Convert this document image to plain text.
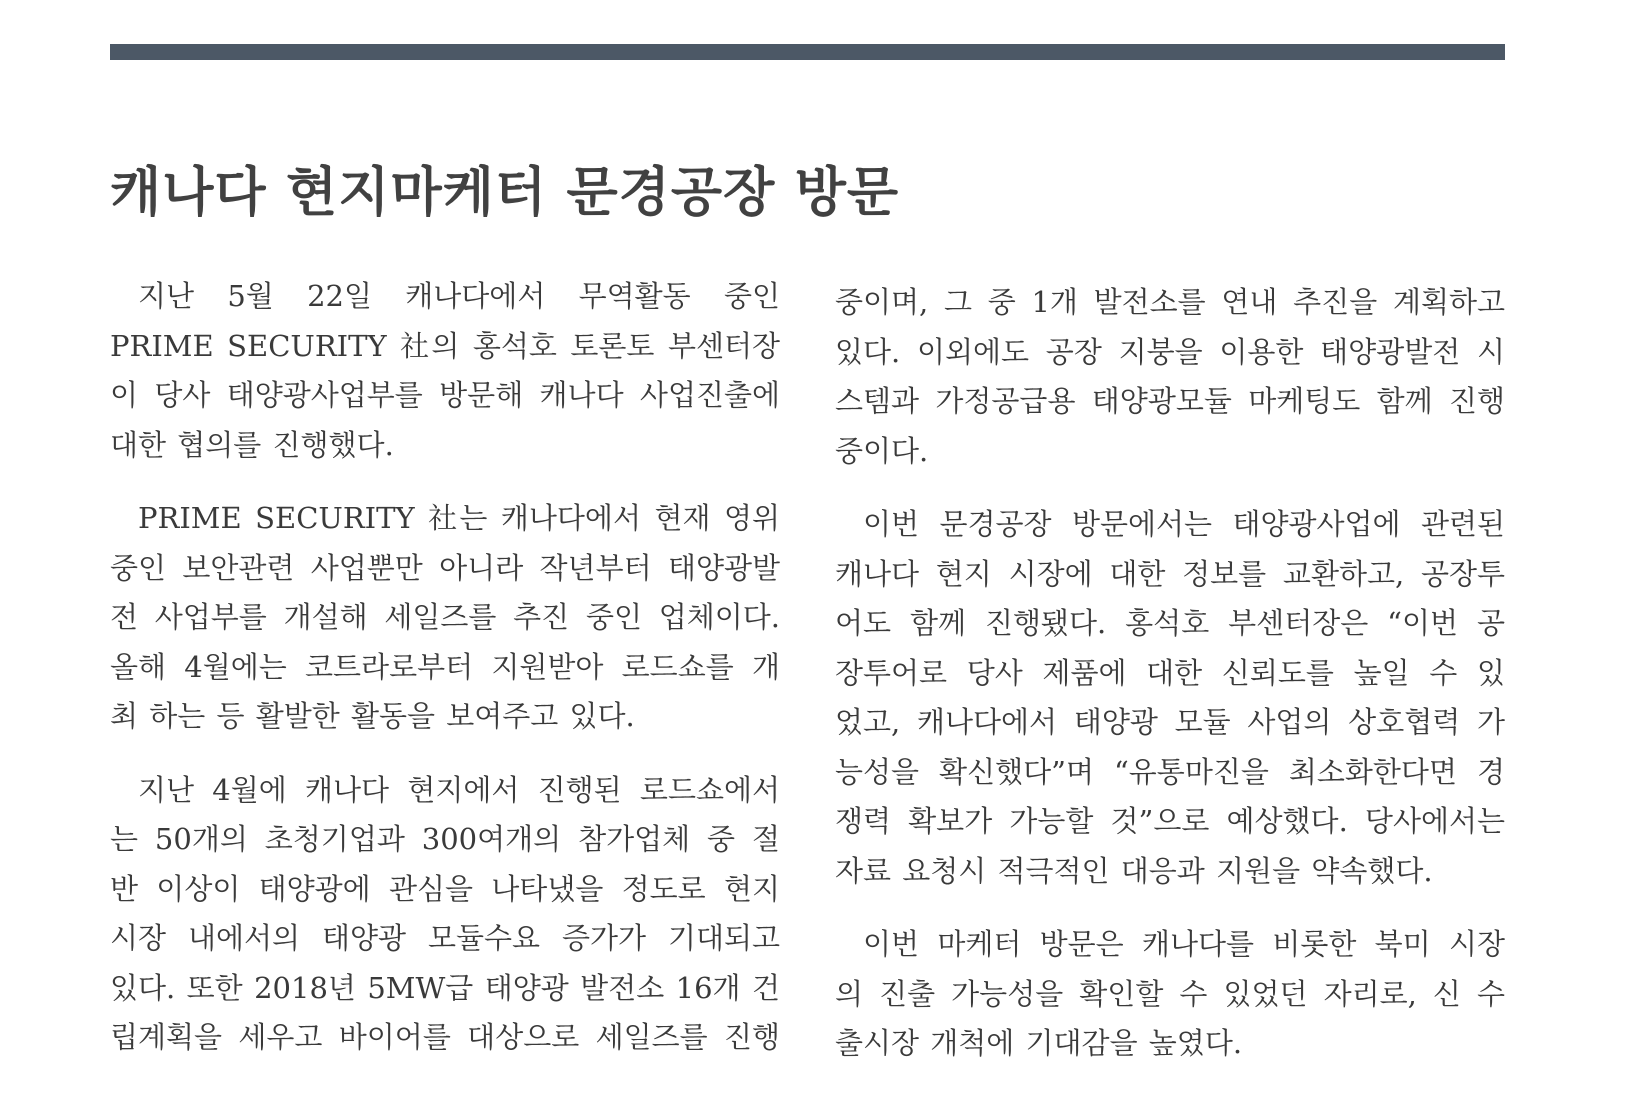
캐나다 현지마케터 문경공장 방문

지난 5월 22일 캐나다에서 무역활동 중인
PRIME SECURITY 社의 홍석호 토론토 부센터장
이 당사 태양광사업부를 방문해 캐나다 사업진출에
대한 협의를 진행했다.

PRIME SECURITY 社는 캐나다에서 현재 영위
중인 보안관련 사업뿐만 아니라 작년부터 태양광발
전 사업부를 개설해 세일즈를 추진 중인 업체이다.
올해 4월에는 코트라로부터 지원받아 로드쇼를 개
최 하는 등 활발한 활동을 보여주고 있다.

지난 4월에 캐나다 현지에서 진행된 로드쇼에서
는 50개의 초청기업과 300여개의 참가업체 중 절
반 이상이 태양광에 관심을 나타냈을 정도로 현지
시장 내에서의 태양광 모듈수요 증가가 기대되고
있다. 또한 2018년 5MW급 태양광 발전소 16개 건
립계획을 세우고 바이어를 대상으로 세일즈를 진행

중이며, 그 중 1개 발전소를 연내 추진을 계획하고
있다. 이외에도 공장 지붕을 이용한 태양광발전 시
스템과 가정공급용 태양광모듈 마케팅도 함께 진행
중이다.

이번 문경공장 방문에서는 태양광사업에 관련된
캐나다 현지 시장에 대한 정보를 교환하고, 공장투
어도 함께 진행됐다. 홍석호 부센터장은 “이번 공
장투어로 당사 제품에 대한 신뢰도를 높일 수 있
었고, 캐나다에서 태양광 모듈 사업의 상호협력 가
능성을 확신했다”며 “유통마진을 최소화한다면 경
쟁력 확보가 가능할 것”으로 예상했다. 당사에서는
자료 요청시 적극적인 대응과 지원을 약속했다.

이번 마케터 방문은 캐나다를 비롯한 북미 시장
의 진출 가능성을 확인할 수 있었던 자리로, 신 수
출시장 개척에 기대감을 높였다.
